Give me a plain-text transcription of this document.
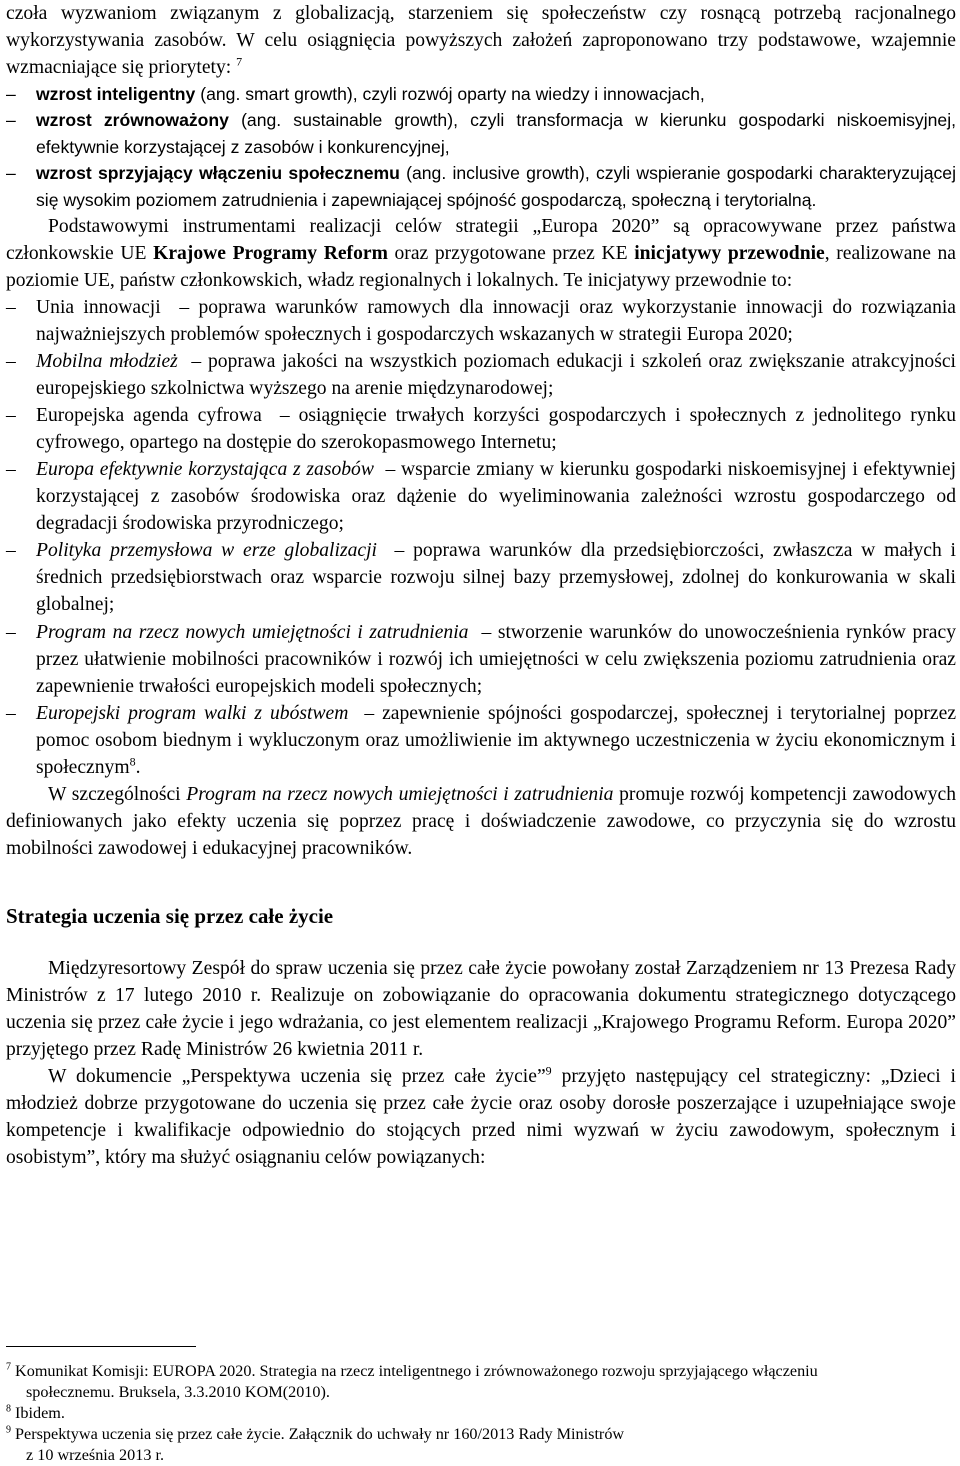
czoła wyzwaniom związanym z globalizacją, starzeniem się społeczeństw czy rosnącą potrzebą racjonalnego wykorzystywania zasobów. W celu osiągnięcia powyższych założeń zaproponowano trzy podstawowe, wzajemnie wzmacniające się priorytety: $^7$

– wzrost inteligentny (ang. smart growth), czyli rozwój oparty na wiedzy i innowacjach,
– wzrost zrównoważony (ang. sustainable growth), czyli transformacja w kierunku gospodarki niskoemisyjnej, efektywnie korzystającej z zasobów i konkurencyjnej,
– wzrost sprzyjający włączeniu społecznemu (ang. inclusive growth), czyli wspieranie gospodarki charakteryzującej się wysokim poziomem zatrudnienia i zapewniającej spójność gospodarczą, społeczną i terytorialną.

Podstawowymi instrumentami realizacji celów strategii „Europa 2020” są opracowywane przez państwa członkowskie UE Krajowe Programy Reform oraz przygotowane przez KE inicjatywy przewodnie, realizowane na poziomie UE, państw członkowskich, władz regionalnych i lokalnych. Te inicjatywy przewodnie to:

– Unia innowacji – poprawa warunków ramowych dla innowacji oraz wykorzystanie innowacji do rozwiązania najważniejszych problemów społecznych i gospodarczych wskazanych w strategii Europa 2020;
– Mobilna młodzież – poprawa jakości na wszystkich poziomach edukacji i szkoleń oraz zwiększanie atrakcyjności europejskiego szkolnictwa wyższego na arenie międzynarodowej;
– Europejska agenda cyfrowa – osiągnięcie trwałych korzyści gospodarczych i społecznych z jednolitego rynku cyfrowego, opartego na dostępie do szerokopasmowego Internetu;
– Europa efektywnie korzystająca z zasobów – wsparcie zmiany w kierunku gospodarki niskoemisyjnej i efektywniej korzystającej z zasobów środowiska oraz dążenie do wyeliminowania zależności wzrostu gospodarczego od degradacji środowiska przyrodniczego;
– Polityka przemysłowa w erze globalizacji – poprawa warunków dla przedsiębiorczości, zwłaszcza w małych i średnich przedsiębiorstwach oraz wsparcie rozwoju silnej bazy przemysłowej, zdolnej do konkurowania w skali globalnej;
– Program na rzecz nowych umiejętności i zatrudnienia – stworzenie warunków do unowocześnienia rynków pracy przez ułatwienie mobilności pracowników i rozwój ich umiejętności w celu zwiększenia poziomu zatrudnienia oraz zapewnienie trwałości europejskich modeli społecznych;
– Europejski program walki z ubóstwem – zapewnienie spójności gospodarczej, społecznej i terytorialnej poprzez pomoc osobom biednym i wykluczonym oraz umożliwienie im aktywnego uczestniczenia w życiu ekonomicznym i społecznym$^8$.

W szczególności Program na rzecz nowych umiejętności i zatrudnienia promuje rozwój kompetencji zawodowych definiowanych jako efekty uczenia się poprzez pracę i doświadczenie zawodowe, co przyczynia się do wzrostu mobilności zawodowej i edukacyjnej pracowników.

Strategia uczenia się przez całe życie

Międzyresortowy Zespół do spraw uczenia się przez całe życie powołany został Zarządzeniem nr 13 Prezesa Rady Ministrów z 17 lutego 2010 r. Realizuje on zobowiązanie do opracowania dokumentu strategicznego dotyczącego uczenia się przez całe życie i jego wdrażania, co jest elementem realizacji „Krajowego Programu Reform. Europa 2020” przyjętego przez Radę Ministrów 26 kwietnia 2011 r.

W dokumencie „Perspektywa uczenia się przez całe życie”$^9$ przyjęto następujący cel strategiczny: „Dzieci i młodzież dobrze przygotowane do uczenia się przez całe życie oraz osoby dorosłe poszerzające i uzupełniające swoje kompetencje i kwalifikacje odpowiednio do stojących przed nimi wyzwań w życiu zawodowym, społecznym i osobistym”, który ma służyć osiągnaniu celów powiązanych:

$^7$ Komunikat Komisji: EUROPA 2020. Strategia na rzecz inteligentnego i zrównoważonego rozwoju sprzyjającego włączeniu
społecznemu. Bruksela, 3.3.2010 KOM(2010).
$^8$ Ibidem.
$^9$ Perspektywa uczenia się przez całe życie. Załącznik do uchwały nr 160/2013 Rady Ministrów
z 10 września 2013 r.
